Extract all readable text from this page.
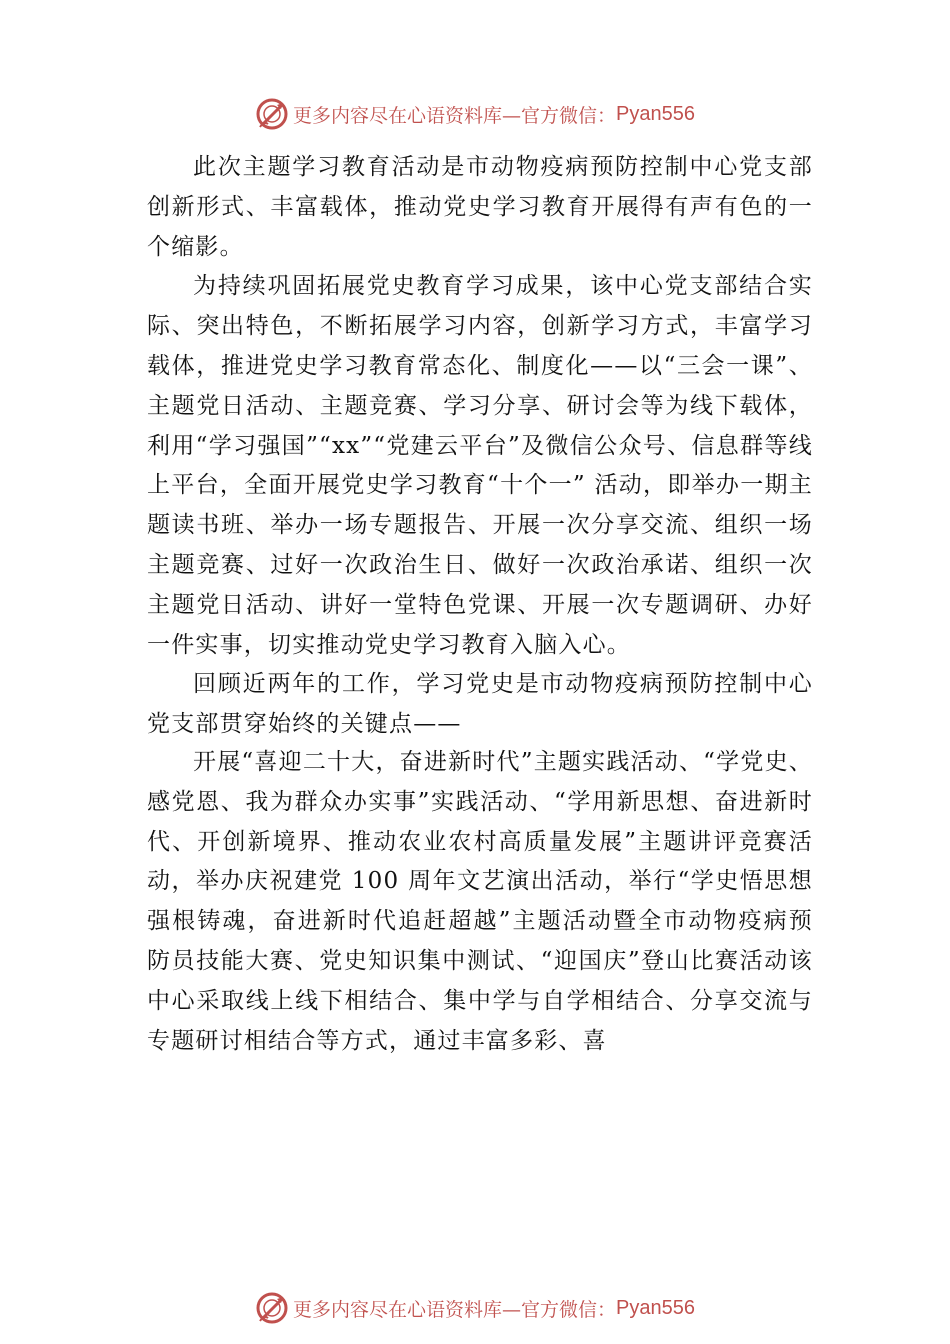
更多内容尽在心语资料库—官方微信： Pyan556

此次主题学习教育活动是市动物疫病预防控制中心党支部创新形式、丰富载体，推动党史学习教育开展得有声有色的一个缩影。

为持续巩固拓展党史教育学习成果，该中心党支部结合实际、突出特色，不断拓展学习内容，创新学习方式，丰富学习载体，推进党史学习教育常态化、制度化——以“三会一课”、主题党日活动、主题竞赛、学习分享、研讨会等为线下载体，利用“学习强国”“xx”“党建云平台”及微信公众号、信息群等线上平台，全面开展党史学习教育“十个一” 活动，即举办一期主题读书班、举办一场专题报告、开展一次分享交流、组织一场主题竞赛、过好一次政治生日、做好一次政治承诺、组织一次主题党日活动、讲好一堂特色党课、开展一次专题调研、办好一件实事，切实推动党史学习教育入脑入心。

回顾近两年的工作，学习党史是市动物疫病预防控制中心党支部贯穿始终的关键点——

开展“喜迎二十大，奋进新时代”主题实践活动、“学党史、感党恩、我为群众办实事”实践活动、“学用新思想、奋进新时代、开创新境界、推动农业农村高质量发展”主题讲评竞赛活动，举办庆祝建党 100 周年文艺演出活动，举行“学史悟思想强根铸魂，奋进新时代追赶超越”主题活动暨全市动物疫病预防员技能大赛、党史知识集中测试、“迎国庆”登山比赛活动该中心采取线上线下相结合、集中学与自学相结合、分享交流与专题研讨相结合等方式，通过丰富多彩、喜

更多内容尽在心语资料库—官方微信： Pyan556
